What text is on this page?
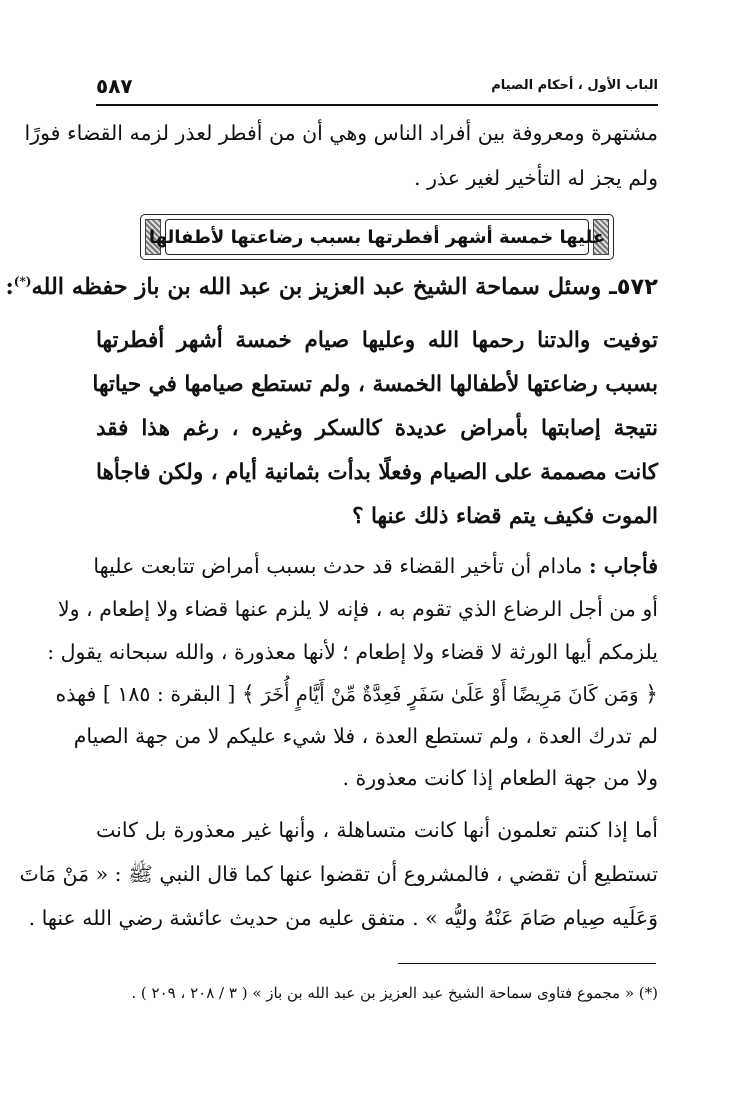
٥٨٧	الباب الأول ، أحكام الصيام
مشتهرة ومعروفة بين أفراد الناس وهي أن من أفطر لعذر لزمه القضاء فورًا
ولم يجز له التأخير لغير عذر .
عليها خمسة أشهر أفطرتها بسبب رضاعتها لأطفالها
٥٧٢ـ وسئل سماحة الشيخ عبد العزيز بن عبد الله بن باز حفظه الله(*)
:
توفيت والدتنا رحمها الله وعليها صيام خمسة أشهر أفطرتها
بسبب رضاعتها لأطفالها الخمسة ، ولم تستطع صيامها في حياتها
نتيجة إصابتها بأمراض عديدة كالسكر وغيره ، رغم هذا فقد
كانت مصممة على الصيام وفعلًا بدأت بثمانية أيام ، ولكن فاجأها
الموت فكيف يتم قضاء ذلك عنها ؟
فأجاب : مادام أن تأخير القضاء قد حدث بسبب أمراض تتابعت عليها
أو من أجل الرضاع الذي تقوم به ، فإنه لا يلزم عنها قضاء ولا إطعام ، ولا
يلزمكم أيها الورثة لا قضاء ولا إطعام ؛ لأنها معذورة ، والله سبحانه يقول :
﴿ وَمَن كَانَ مَرِيضًا أَوْ عَلَىٰ سَفَرٍ فَعِدَّةٌ مِّنْ أَيَّامٍ أُخَرَ ﴾ [ البقرة : ١٨٥ ] فهذه
لم تدرك العدة ، ولم تستطع العدة ، فلا شيء عليكم لا من جهة الصيام
ولا من جهة الطعام إذا كانت معذورة .
أما إذا كنتم تعلمون أنها كانت متساهلة ، وأنها غير معذورة بل كانت
تستطيع أن تقضي ، فالمشروع أن تقضوا عنها كما قال النبي ﷺ : « مَنْ مَاتَ
وَعَلَيه صِيام صَامَ عَنْهُ وليُّه » . متفق عليه من حديث عائشة رضي الله عنها .
(*) « مجموع فتاوى سماحة الشيخ عبد العزيز بن عبد الله بن باز » ( ٣ / ٢٠٨ ، ٢٠٩ ) .
